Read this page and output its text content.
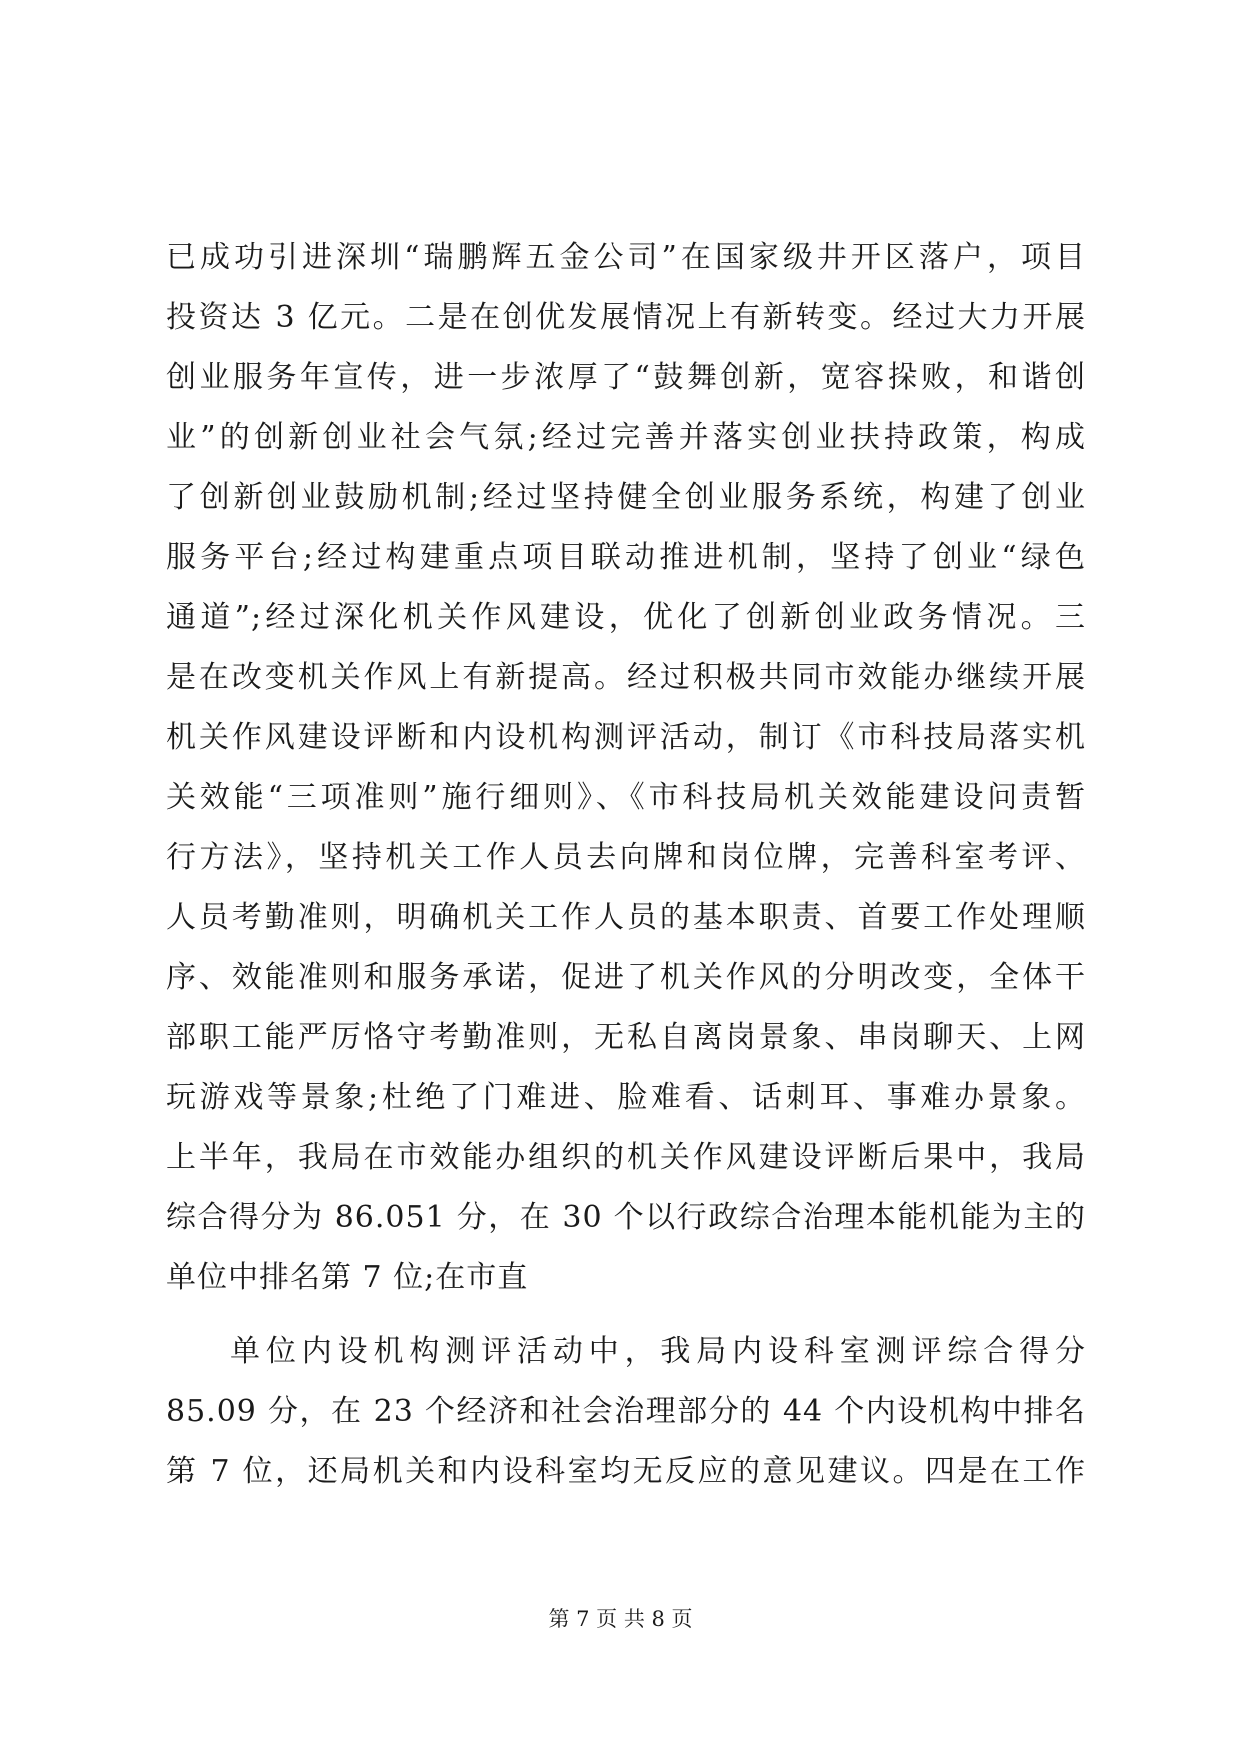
已成功引进深圳“瑞鹏辉五金公司”在国家级井开区落户，项目
投资达 3 亿元。二是在创优发展情况上有新转变。经过大力开展
创业服务年宣传，进一步浓厚了“鼓舞创新，宽容挆败，和谐创
业”的创新创业社会气氛;经过完善并落实创业扶持政策，构成
了创新创业鼓励机制;经过坚持健全创业服务系统，构建了创业
服务平台;经过构建重点项目联动推进机制，坚持了创业“绿色
通道”;经过深化机关作风建设，优化了创新创业政务情况。三
是在改变机关作风上有新提高。经过积极共同市效能办继续开展
机关作风建设评断和内设机构测评活动，制订《市科技局落实机
关效能“三项准则”施行细则》、《市科技局机关效能建设问责暂
行方法》，坚持机关工作人员去向牌和岗位牌，完善科室考评、
人员考勤准则，明确机关工作人员的基本职责、首要工作处理顺
序、效能准则和服务承诺，促进了机关作风的分明改变，全体干
部职工能严厉恪守考勤准则，无私自离岗景象、串岗聊天、上网
玩游戏等景象;杜绝了门难进、脸难看、话刺耳、事难办景象。
上半年，我局在市效能办组织的机关作风建设评断后果中，我局
综合得分为 86.051 分，在 30 个以行政综合治理本能机能为主的
单位中排名第 7 位;在市直
单位内设机构测评活动中，我局内设科室测评综合得分
85.09 分，在 23 个经济和社会治理部分的 44 个内设机构中排名
第 7 位，还局机关和内设科室均无反应的意见建议。四是在工作
第 7 页 共 8 页
